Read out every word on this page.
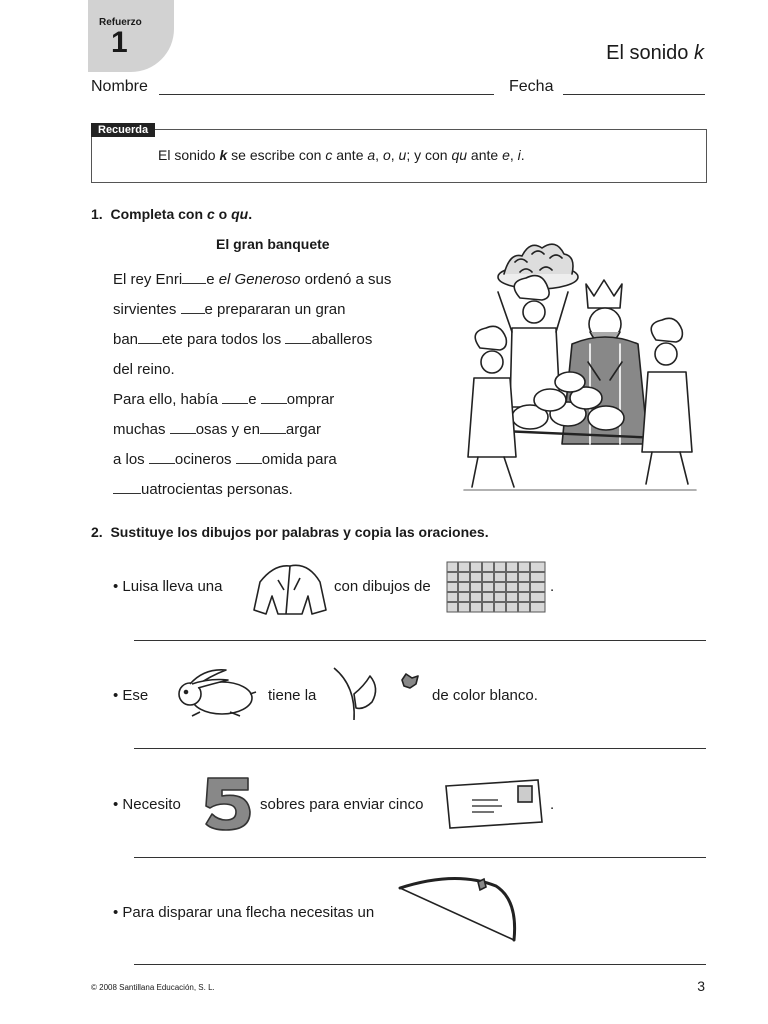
Refuerzo
1	El sonido k
Nombre	Fecha
Recuerda
El sonido k se escribe con c ante a, o, u; y con qu ante e, i.
1. Completa con c o qu.
El gran banquete
El rey Enri e el Generoso ordenó a sus
sirvientes e prepararan un gran
ban ete para todos los aballeros
del reino.
Para ello, había e omprar
muchas osas y en argar
a los ocineros omida para
uatrocientas personas.
2. Sustituye los dibujos por palabras y copia las oraciones.
• Luisa lleva una	con dibujos de	.
• Ese	tiene la	de color blanco.
• Necesito	sobres para enviar cinco	.
• Para disparar una flecha necesitas un	.
© 2008 Santillana Educación, S. L.	3
